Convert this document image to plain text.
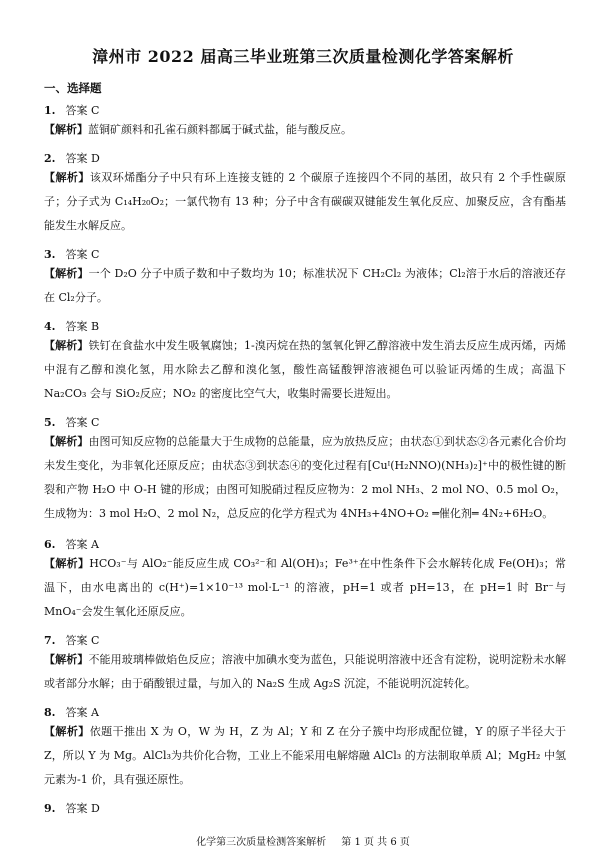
漳州市 2022 届高三毕业班第三次质量检测化学答案解析
一、选择题
1. 答案 C
【解析】蓝铜矿颜料和孔雀石颜料都属于碱式盐，能与酸反应。
2. 答案 D
【解析】该双环烯酯分子中只有环上连接支链的 2 个碳原子连接四个不同的基团，故只有 2 个手性碳原子；分子式为 C₁₄H₂₀O₂；一氯代物有 13 种；分子中含有碳碳双键能发生氧化反应、加聚反应，含有酯基能发生水解反应。
3. 答案 C
【解析】一个 D₂O 分子中质子数和中子数均为 10；标准状况下 CH₂Cl₂ 为液体；Cl₂溶于水后的溶液还存在 Cl₂分子。
4. 答案 B
【解析】铁钉在食盐水中发生吸氧腐蚀；1-溴丙烷在热的氢氧化钾乙醇溶液中发生消去反应生成丙烯，丙烯中混有乙醇和溴化氢，用水除去乙醇和溴化氢，酸性高锰酸钾溶液褪色可以验证丙烯的生成；高温下 Na₂CO₃ 会与 SiO₂反应；NO₂ 的密度比空气大，收集时需要长进短出。
5. 答案 C
【解析】由图可知反应物的总能量大于生成物的总能量，应为放热反应；由状态①到状态②各元素化合价均未发生变化，为非氧化还原反应；由状态③到状态④的变化过程有[Cuᴵ(H₂NNO)(NH₃)₂]⁺中的极性键的断裂和产物 H₂O 中 O-H 键的形成；由图可知脱硝过程反应物为：2 mol NH₃、2 mol NO、0.5 mol O₂，生成物为：3 mol H₂O、2 mol N₂，总反应的化学方程式为 4NH₃+4NO+O₂ ═催化剂═ 4N₂+6H₂O。
6. 答案 A
【解析】HCO₃⁻与 AlO₂⁻能反应生成 CO₃²⁻和 Al(OH)₃；Fe³⁺在中性条件下会水解转化成 Fe(OH)₃；常温下，由水电离出的 c(H⁺)=1×10⁻¹³ mol·L⁻¹ 的溶液，pH=1 或者 pH=13，在 pH=1 时 Br⁻与 MnO₄⁻会发生氧化还原反应。
7. 答案 C
【解析】不能用玻璃棒做焰色反应；溶液中加碘水变为蓝色，只能说明溶液中还含有淀粉，说明淀粉未水解或者部分水解；由于硝酸银过量，与加入的 Na₂S 生成 Ag₂S 沉淀，不能说明沉淀转化。
8. 答案 A
【解析】依题干推出 X 为 O，W 为 H，Z 为 Al；Y 和 Z 在分子簇中均形成配位键，Y 的原子半径大于 Z，所以 Y 为 Mg。AlCl₃为共价化合物，工业上不能采用电解熔融 AlCl₃ 的方法制取单质 Al；MgH₂ 中氢元素为-1 价，具有强还原性。
9. 答案 D
化学第三次质量检测答案解析 第 1 页 共 6 页
